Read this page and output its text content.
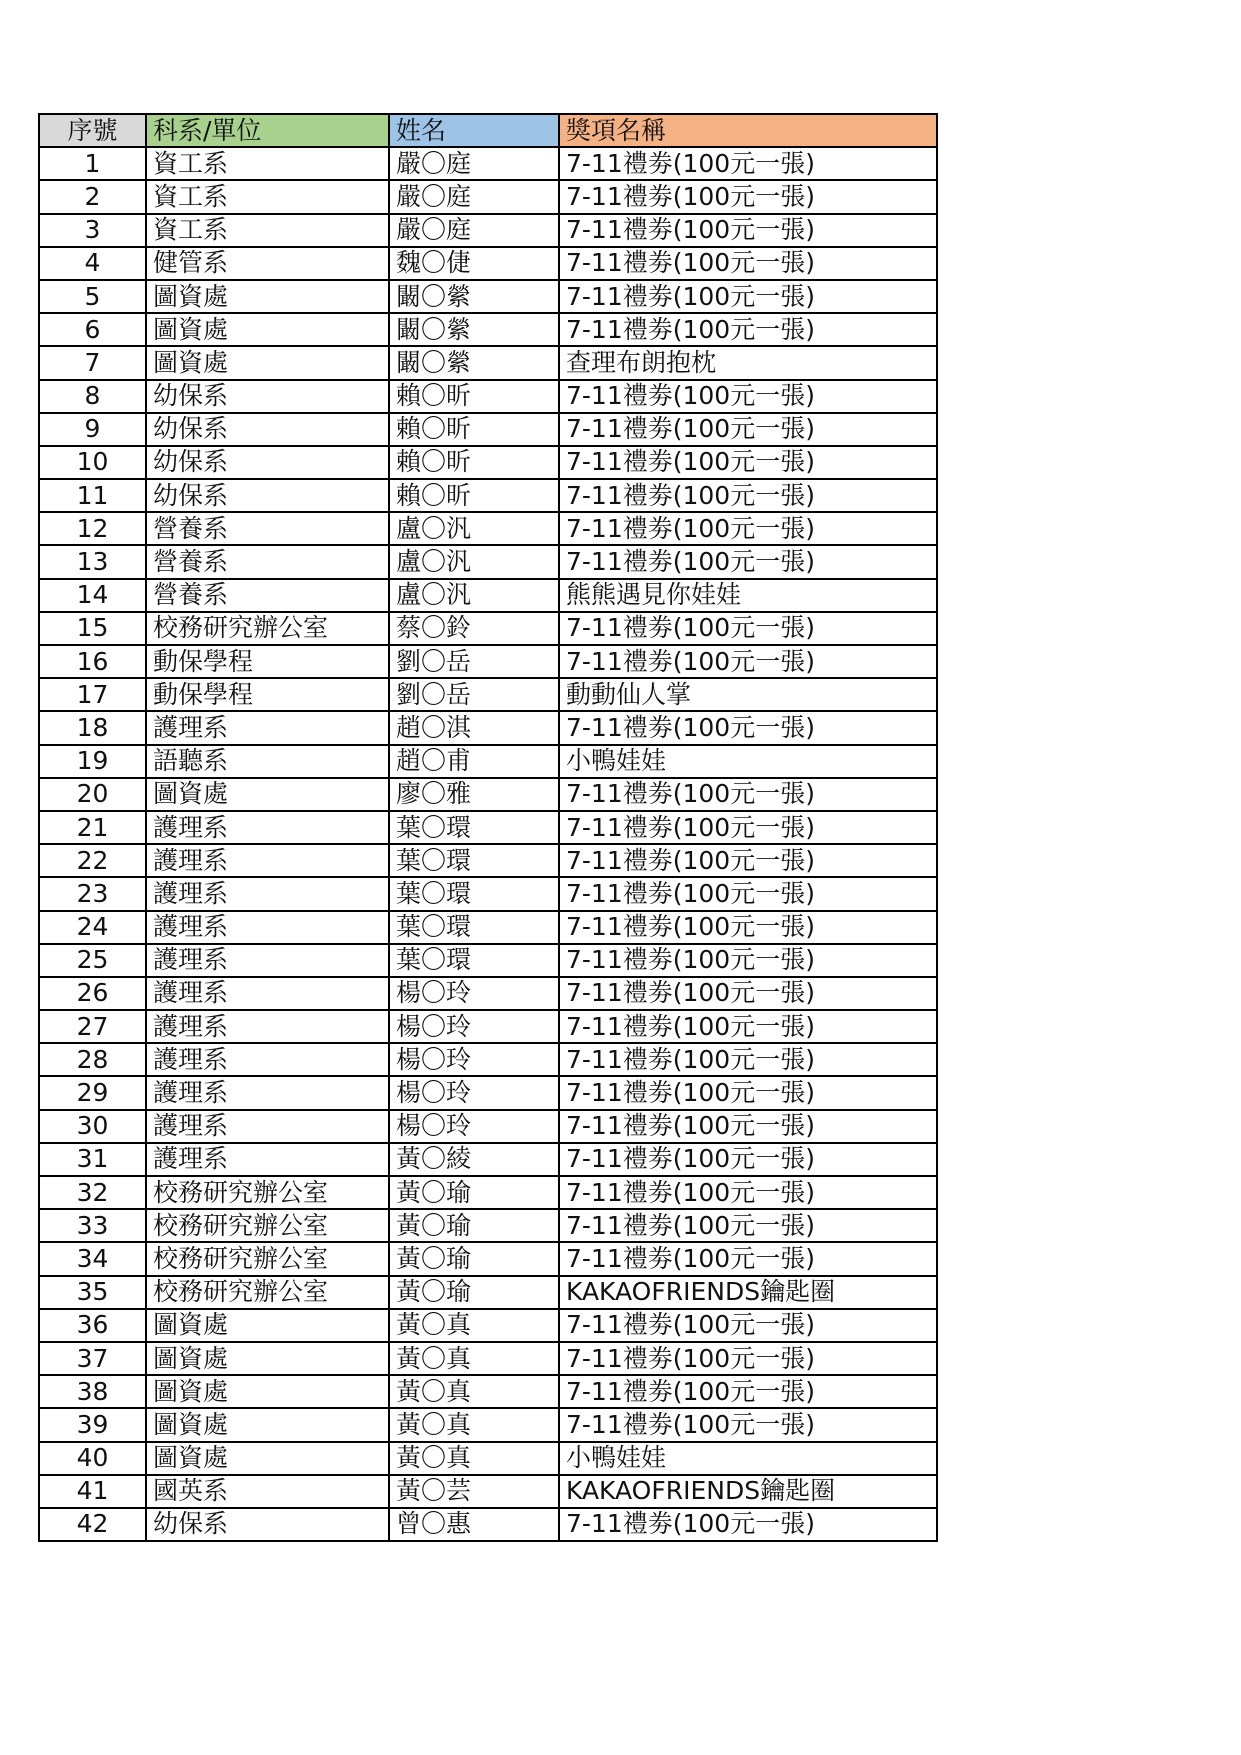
序號	科系/單位	姓名	獎項名稱
1	資工系	嚴〇庭	7-11禮劵(100元一張)
2	資工系	嚴〇庭	7-11禮劵(100元一張)
3	資工系	嚴〇庭	7-11禮劵(100元一張)
4	健管系	魏〇倢	7-11禮劵(100元一張)
5	圖資處	闞〇縈	7-11禮劵(100元一張)
6	圖資處	闞〇縈	7-11禮劵(100元一張)
7	圖資處	闞〇縈	查理布朗抱枕
8	幼保系	賴〇昕	7-11禮劵(100元一張)
9	幼保系	賴〇昕	7-11禮劵(100元一張)
10	幼保系	賴〇昕	7-11禮劵(100元一張)
11	幼保系	賴〇昕	7-11禮劵(100元一張)
12	營養系	盧〇汎	7-11禮劵(100元一張)
13	營養系	盧〇汎	7-11禮劵(100元一張)
14	營養系	盧〇汎	熊熊遇見你娃娃
15	校務研究辦公室	蔡〇鈴	7-11禮劵(100元一張)
16	動保學程	劉〇岳	7-11禮劵(100元一張)
17	動保學程	劉〇岳	動動仙人掌
18	護理系	趙〇淇	7-11禮劵(100元一張)
19	語聽系	趙〇甫	小鴨娃娃
20	圖資處	廖〇雅	7-11禮劵(100元一張)
21	護理系	葉〇環	7-11禮劵(100元一張)
22	護理系	葉〇環	7-11禮劵(100元一張)
23	護理系	葉〇環	7-11禮劵(100元一張)
24	護理系	葉〇環	7-11禮劵(100元一張)
25	護理系	葉〇環	7-11禮劵(100元一張)
26	護理系	楊〇玲	7-11禮劵(100元一張)
27	護理系	楊〇玲	7-11禮劵(100元一張)
28	護理系	楊〇玲	7-11禮劵(100元一張)
29	護理系	楊〇玲	7-11禮劵(100元一張)
30	護理系	楊〇玲	7-11禮劵(100元一張)
31	護理系	黃〇綾	7-11禮劵(100元一張)
32	校務研究辦公室	黃〇瑜	7-11禮劵(100元一張)
33	校務研究辦公室	黃〇瑜	7-11禮劵(100元一張)
34	校務研究辦公室	黃〇瑜	7-11禮劵(100元一張)
35	校務研究辦公室	黃〇瑜	KAKAOFRIENDS鑰匙圈
36	圖資處	黃〇真	7-11禮劵(100元一張)
37	圖資處	黃〇真	7-11禮劵(100元一張)
38	圖資處	黃〇真	7-11禮劵(100元一張)
39	圖資處	黃〇真	7-11禮劵(100元一張)
40	圖資處	黃〇真	小鴨娃娃
41	國英系	黃〇芸	KAKAOFRIENDS鑰匙圈
42	幼保系	曾〇惠	7-11禮劵(100元一張)
